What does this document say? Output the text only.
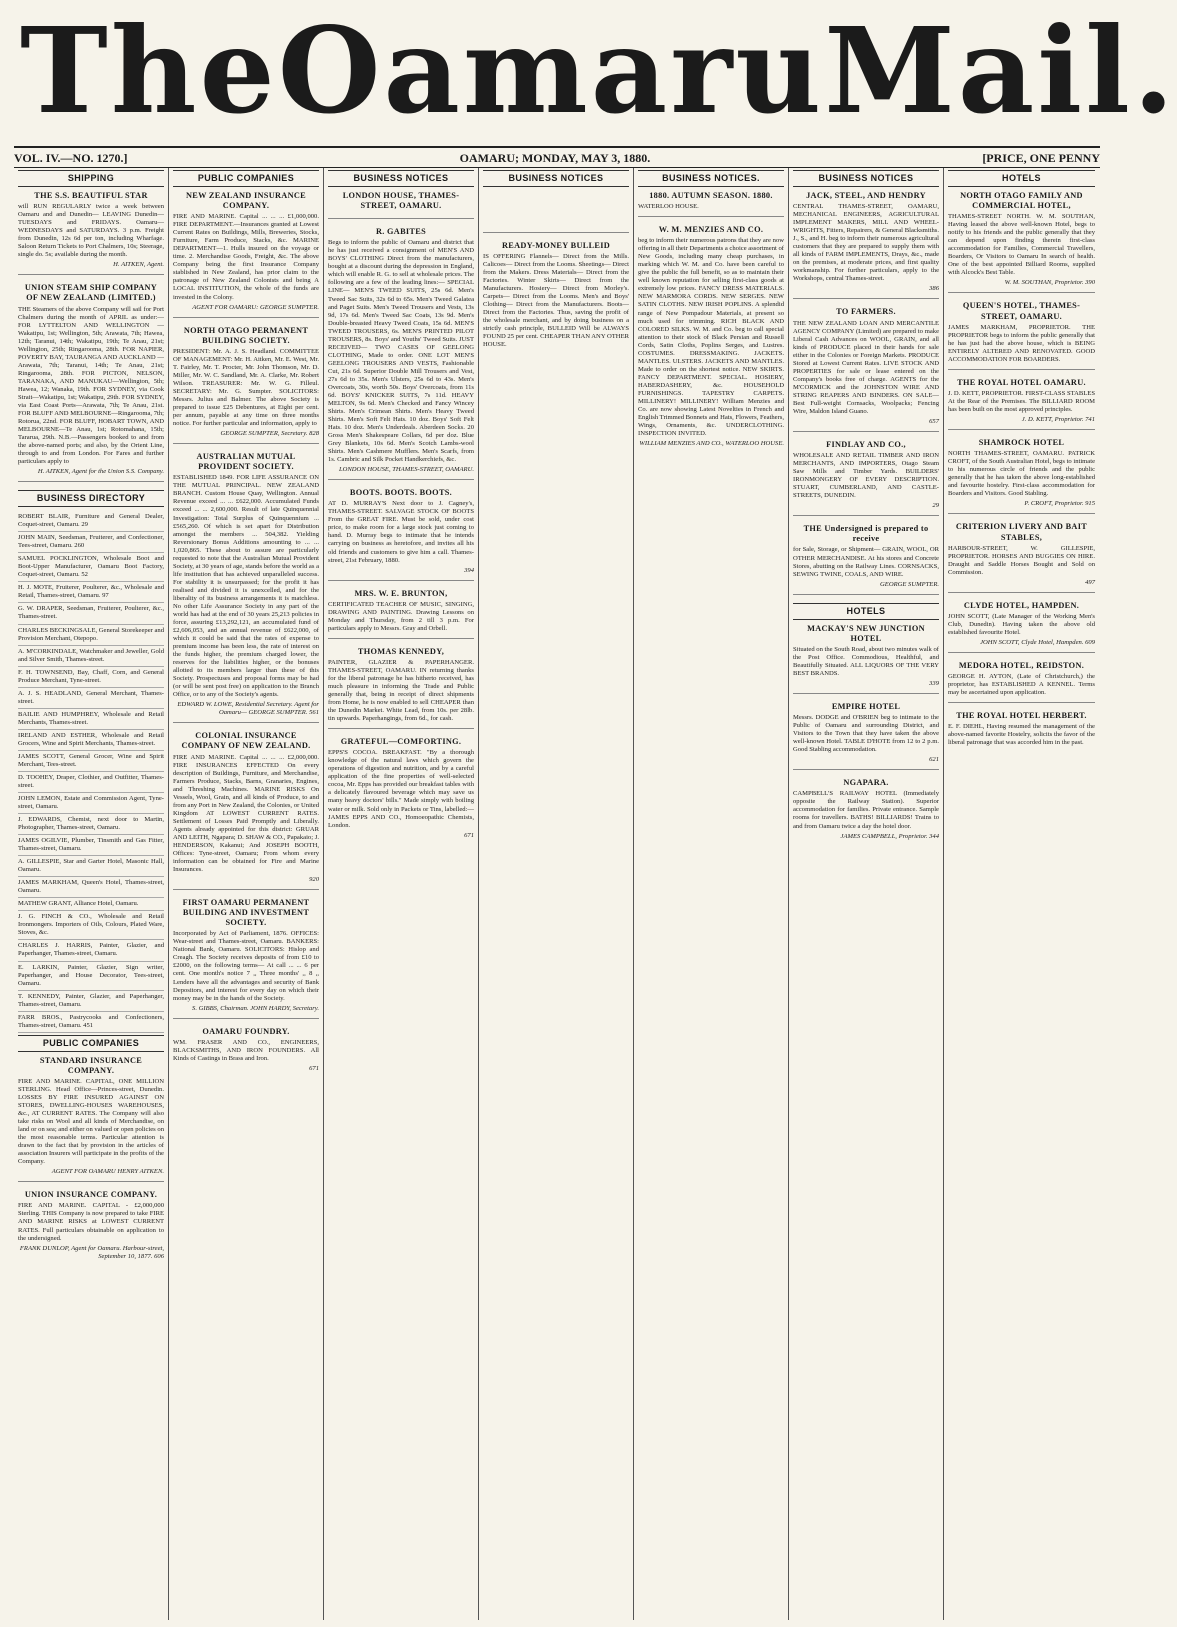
The Oamaru Mail.
VOL. IV.—NO. 1270.]	OAMARU; MONDAY, MAY 3, 1880.	[PRICE, ONE PENNY
SHIPPING
THE S.S. BEAUTIFUL STAR
will RUN REGULARLY twice a week between Oamaru and and Dunedin— LEAVING Dunedin— TUESDAYS and FRIDAYS. Oamaru— WEDNESDAYS and SATURDAYS. 3 p.m. Freight from Dunedin, 12s 6d per ton, including Wharfage. Saloon Return Tickets to Port Chalmers, 10s; Steerage, single do. 5s; available during the month.
H. AITKEN, Agent.
UNION STEAM SHIP COMPANY OF NEW ZEALAND (LIMITED.)
THE Steamers of the above Company will sail for Port Chalmers during the month of APRIL as under:— FOR LYTTELTON AND WELLINGTON —Wakatipu, 1st; Wellington, 5th; Arawata, 7th; Hawea, 12th; Taranui, 14th; Wakatipu, 19th; Te Anau, 21st; Wellington, 25th; Ringarooma, 28th. FOR NAPIER, POVERTY BAY, TAURANGA AND AUCKLAND —Arawata, 7th; Taranui, 14th; Te Anau, 21st; Ringarooma, 28th. FOR PICTON, NELSON, TARANAKA, AND MANUKAU—Wellington, 5th; Hawea, 12; Wanaka, 19th. FOR SYDNEY, via Cook Strait—Wakatipu, 1st; Wakatipu, 29th. FOR SYDNEY, via East Coast Ports—Arawata, 7th; Te Anau, 21st. FOR BLUFF AND MELBOURNE—Ringarooma, 7th; Rotorua, 22nd. FOR BLUFF, HOBART TOWN, AND MELBOURNE—Te Anau, 1st; Rotomahana, 15th; Tararua, 29th. N.B.—Passengers booked to and from the above-named ports; and also, by the Orient Line, through to and from London. For Fares and further particulars apply to
H. AITKEN, Agent for the Union S.S. Company.
BUSINESS DIRECTORY
ROBERT BLAIR, Furniture and General Dealer, Coquet-street, Oamaru. 29
JOHN MAIN, Seedsman, Fruiterer, and Confectioner, Tees-street, Oamaru. 260
SAMUEL POCKLINGTON, Wholesale Boot and Boot-Upper Manufacturer, Oamaru Boot Factory, Coquet-street, Oamaru. 52
H. J. MOTE, Fruiterer, Poulterer, &c., Wholesale and Retail, Thames-street, Oamaru. 97
G. W. DRAPER, Seedsman, Fruiterer, Poulterer, &c., Thames-street.
CHARLES BECKINGSALE, General Storekeeper and Provision Merchant, Otepopo.
A. M'CORKINDALE, Watchmaker and Jeweller, Gold and Silver Smith, Thames-street.
F. H. TOWNSEND, Bay, Chaff, Corn, and General Produce Merchant, Tyne-street.
A. J. S. HEADLAND, General Merchant, Thames-street.
BAILIE AND HUMPHREY, Wholesale and Retail Merchants, Thames-street.
IRELAND AND ESTHER, Wholesale and Retail Grocers, Wine and Spirit Merchants, Thames-street.
JAMES SCOTT, General Grocer, Wine and Spirit Merchant, Tees-street.
D. TOOHEY, Draper, Clothier, and Outfitter, Thames-street.
JOHN LEMON, Estate and Commission Agent, Tyne-street, Oamaru.
J. EDWARDS, Chemist, next door to Martin, Photographer, Thames-street, Oamaru.
JAMES OGILVIE, Plumber, Tinsmith and Gas Fitter, Thames-street, Oamaru.
A. GILLESPIE, Star and Garter Hotel, Masonic Hall, Oamaru.
JAMES MARKHAM, Queen's Hotel, Thames-street, Oamaru.
MATHEW GRANT, Alliance Hotel, Oamaru.
J. G. FINCH & CO., Wholesale and Retail Ironmongers. Importers of Oils, Colours, Plated Ware, Stoves, &c.
CHARLES J. HARRIS, Painter, Glazier, and Paperhanger, Thames-street, Oamaru.
E. LARKIN, Painter, Glazier, Sign writer, Paperhanger, and House Decorator, Tees-street, Oamaru.
T. KENNEDY, Painter, Glazier, and Paperhanger, Thames-street, Oamaru.
FARR BROS., Pastrycooks and Confectioners, Thames-street, Oamaru. 451
PUBLIC COMPANIES
STANDARD INSURANCE COMPANY.
FIRE AND MARINE. CAPITAL, ONE MILLION STERLING. Head Office—Princes-street, Dunedin. LOSSES BY FIRE INSURED AGAINST ON STORES, DWELLING-HOUSES WAREHOUSES, &c., AT CURRENT RATES. The Company will also take risks on Wool and all kinds of Merchandise, on land or on sea; and either on valued or open policies on the most reasonable terms. Particular attention is drawn to the fact that by provision in the articles of association Insurers will participate in the profits of the Company.
AGENT FOR OAMARU HENRY AITKEN.
UNION INSURANCE COMPANY.
FIRE AND MARINE. CAPITAL - £2,000,000 Sterling. THIS Company is now prepared to take FIRE AND MARINE RISKS at LOWEST CURRENT RATES. Full particulars obtainable on application to the undersigned.
FRANK DUNLOP, Agent for Oamaru. Harbour-street, September 10, 1877. 606
PUBLIC COMPANIES
NEW ZEALAND INSURANCE COMPANY.
FIRE AND MARINE. Capital ... ... ... £1,000,000. FIRE DEPARTMENT.—Insurances granted at Lowest Current Rates on Buildings, Mills, Breweries, Stocks, Furniture, Farm Produce, Stacks, &c. MARINE DEPARTMENT—1. Hulls insured on the voyage or time. 2. Merchandise Goods, Freight, &c. The above Company being the first Insurance Company stablished in New Zealand, has prior claim to the patronage of New Zealand Colonists and being A LOCAL INSTITUTION, the whole of the funds are invested in the Colony.
AGENT FOR OAMARU: GEORGE SUMPTER.
NORTH OTAGO PERMANENT BUILDING SOCIETY.
PRESIDENT: Mr. A. J. S. Headland. COMMITTEE OF MANAGEMENT: Mr. H. Aitken, Mr. E. West, Mr. T. Fairley, Mr. T. Procter, Mr. John Thomson, Mr. D. Miller, Mr. W. C. Sandland, Mr. A. Clarke, Mr. Robert Wilson. TREASURER: Mr. W. G. Filleul. SECRETARY: Mr. G. Sumpter. SOLICITORS: Messrs. Julius and Balmer. The above Society is prepared to issue £25 Debentures, at Eight per cent. per annum, payable at any time on three months notice. For further particular and information, apply to
GEORGE SUMPTER, Secretary. 828
AUSTRALIAN MUTUAL PROVIDENT SOCIETY.
ESTABLISHED 1849. FOR LIFE ASSURANCE ON THE MUTUAL PRINCIPAL. NEW ZEALAND BRANCH. Custom House Quay, Wellington. Annual Revenue exceed ... ... £622,000. Accumulated Funds exceed ... ... 2,600,000. Result of late Quinquennial Investigation: Total Surplus of Quinquennium ... £565,260. Of which is set apart for Distribution amongst the members ... 504,382. Yielding Reversionary Bonus Additions amounting to ... ... 1,020,865. These about to assure are particularly requested to note that the Australian Mutual Provident Society, at 30 years of age, stands before the world as a life institution that has achieved unparalleled success. For stability it is unsurpassed; for the profit it has realised and divided it is unexcelled, and for the liberality of its business arrangements it is matchless. No other Life Assurance Society in any part of the world has had at the end of 30 years 25,213 policies in force, assuring £13,292,121, an accumulated fund of £2,606,053, and an annual revenue of £622,000, of which it could be said that the rates of expense to premium income has been less, the rate of interest on the funds higher, the premium charged lower, the reserves for the liabilities higher, or the bonuses allotted to its members larger than these of this Society. Prospectuses and proposal forms may be had (or will be sent post free) on application to the Branch Office, or to any of the Society's agents.
EDWARD W. LOWE, Residential Secretary. Agent for Oamaru— GEORGE SUMPTER. 561
COLONIAL INSURANCE COMPANY OF NEW ZEALAND.
FIRE AND MARINE. Capital ... ... ... £2,000,000. FIRE INSURANCES EFFECTED On every description of Buildings, Furniture, and Merchandise, Farmers Produce, Stacks, Barns, Granaries, Engines, and Threshing Machines. MARINE RISKS On Vessels, Wool, Grain, and all kinds of Produce, to and from any Port in New Zealand, the Colonies, or United Kingdom AT LOWEST CURRENT RATES. Settlement of Losses Paid Promptly and Liberally. Agents already appointed for this district: GRUAR AND LEITH, Ngapara; D. SHAW & CO., Papakaio; J. HENDERSON, Kakanui; And JOSEPH BOOTH, Offices: Tyne-street, Oamaru; From whom every information can be obtained for Fire and Marine Insurances.
920
FIRST OAMARU PERMANENT BUILDING AND INVESTMENT SOCIETY.
Incorporated by Act of Parliament, 1876. OFFICES: Wear-street and Thames-street, Oamaru. BANKERS: National Bank, Oamaru. SOLICITORS: Hislop and Creagh. The Society receives deposits of from £10 to £2000, on the following terms— At call ... ... 6 per cent. One month's notice 7 ,, Three months' ,, 8 ,, Lenders have all the advantages and security of Bank Depositors, and interest for every day on which their money may be in the hands of the Society.
S. GIBBS, Chairman. JOHN HARDY, Secretary.
OAMARU FOUNDRY.
WM. FRASER AND CO., ENGINEERS, BLACKSMITHS, AND IRON FOUNDERS. All Kinds of Castings in Brass and Iron.
671
BUSINESS NOTICES
LONDON HOUSE, THAMES-STREET, OAMARU.
R. GABITES
Begs to inform the public of Oamaru and district that he has just received a consignment of MEN'S AND BOYS' CLOTHING Direct from the manufacturers, bought at a discount during the depression in England, which will enable R. G. to sell at wholesale prices. The following are a few of the leading lines:— SPECIAL LINE— MEN'S TWEED SUITS, 25s 6d. Men's Tweed Sac Suits, 32s 6d to 65s. Men's Tweed Galatea and Paget Suits. Men's Tweed Trousers and Vests, 13s 9d, 17s 6d. Men's Tweed Sac Coats, 13s 9d. Men's Double-breasted Heavy Tweed Coats, 15s 6d. MEN'S TWEED TROUSERS, 6s. MEN'S PRINTED PILOT TROUSERS, 8s. Boys' and Youths' Tweed Suits. JUST RECEIVED— TWO CASES OF GEELONG CLOTHING, Made to order. ONE LOT MEN'S GEELONG TROUSERS AND VESTS, Fashionable Cut, 21s 6d. Superior Double Mill Trousers and Vest, 27s 6d to 35s. Men's Ulsters, 25s 6d to 43s. Men's Overcoats, 30s, worth 50s. Boys' Overcoats, from 11s 6d. BOYS' KNICKER SUITS, 7s 11d. HEAVY MELTON, 9s 6d. Men's Checked and Fancy Wincey Shirts. Men's Crimean Shirts. Men's Heavy Tweed Shirts. Men's Soft Felt Hats. 10 doz. Boys' Soft Felt Hats. 10 doz. Men's Underdeals. Aberdeen Socks. 20 Gross Men's Shakespeare Collars, 6d per doz. Blue Grey Blankets, 10s 6d. Men's Scotch Lambs-wool Shirts. Men's Cashmere Mufflers. Men's Scarfs, from 1s. Cambric and Silk Pocket Handkerchiefs, &c.
LONDON HOUSE, THAMES-STREET, OAMARU.
BOOTS. BOOTS. BOOTS.
AT D. MURRAY'S Next door to J. Cagney's, THAMES-STREET. SALVAGE STOCK OF BOOTS From the GREAT FIRE. Must be sold, under cost price, to make room for a large stock just coming to hand. D. Murray begs to intimate that he intends carrying on business as heretofore, and invites all his old friends and customers to give him a call. Thames-street, 21st February, 1880.
394
MRS. W. E. BRUNTON,
CERTIFICATED TEACHER OF MUSIC, SINGING, DRAWING AND PAINTING. Drawing Lessons on Monday and Thursday, from 2 till 3 p.m. For particulars apply to Messrs. Gray and Orbell.
THOMAS KENNEDY,
PAINTER, GLAZIER & PAPERHANGER. THAMES-STREET, OAMARU. IN returning thanks for the liberal patronage he has hitherto received, has much pleasure in informing the Trade and Public generally that, being in receipt of direct shipments from Home, he is now enabled to sell CHEAPER than the Dunedin Market. White Lead, from 10s. per 28lb. tin upwards. Paperhangings, from 6d., for cash.
GRATEFUL—COMFORTING.
EPPS'S COCOA. BREAKFAST. "By a thorough knowledge of the natural laws which govern the operations of digestion and nutrition, and by a careful application of the fine properties of well-selected cocoa, Mr. Epps has provided our breakfast tables with a delicately flavoured beverage which may save us many heavy doctors' bills." Made simply with boiling water or milk. Sold only in Packets or Tins, labelled:— JAMES EPPS AND CO., Homoeopathic Chemists, London.
671
BUSINESS NOTICES
READY-MONEY BULLEID
IS OFFERING Flannels— Direct from the Mills. Calicoes— Direct from the Looms. Sheetings— Direct from the Makers. Dress Materials— Direct from the Factories. Winter Skirts— Direct from the Manufacturers. Hosiery— Direct from Morley's. Carpets— Direct from the Looms. Men's and Boys' Clothing— Direct from the Manufacturers. Boots— Direct from the Factories. Thus, saving the profit of the wholesale merchant, and by doing business on a strictly cash principle, BULLEID Will be ALWAYS FOUND 25 per cent. CHEAPER THAN ANY OTHER HOUSE.
BUSINESS NOTICES.
1880. AUTUMN SEASON. 1880.
WATERLOO HOUSE.
W. M. MENZIES AND CO.
beg to inform their numerous patrons that they are now offering in all their Departments a choice assortment of New Goods, including many cheap purchases, in marking which W. M. and Co. have been careful to give the public the full benefit, so as to maintain their well known reputation for selling first-class goods at extremely low prices. FANCY DRESS MATERIALS. NEW MARMORA CORDS. NEW SERGES. NEW SATIN CLOTHS. NEW IRISH POPLINS. A splendid range of New Pompadour Materials, at present so much used for trimming. RICH BLACK AND COLORED SILKS. W. M. and Co. beg to call special attention to their stock of Black Persian and Russell Cords, Satin Cloths, Poplins Serges, and Lustres. COSTUMES. DRESSMAKING. JACKETS. MANTLES. ULSTERS. JACKETS AND MANTLES. Made to order on the shortest notice. NEW SKIRTS. FANCY DEPARTMENT. SPECIAL. HOSIERY, HABERDASHERY, &c. HOUSEHOLD FURNISHINGS. TAPESTRY CARPETS. MILLINERY! MILLINERY! William Menzies and Co. are now showing Latest Novelties in French and English Trimmed Bonnets and Hats, Flowers, Feathers, Wings, Ornaments, &c. UNDERCLOTHING. INSPECTION INVITED.
WILLIAM MENZIES AND CO., WATERLOO HOUSE.
BUSINESS NOTICES
JACK, STEEL, AND HENDRY
CENTRAL THAMES-STREET, OAMARU, MECHANICAL ENGINEERS, AGRICULTURAL IMPLEMENT MAKERS, MILL AND WHEEL-WRIGHTS, Fitters, Repairers, & General Blacksmiths. J., S., and H. beg to inform their numerous agricultural customers that they are prepared to supply them with all kinds of FARM IMPLEMENTS, Drays, &c., made on the premises, at moderate prices, and first quality workmanship. For further particulars, apply to the Workshops, central Thames-street.
386
TO FARMERS.
THE NEW ZEALAND LOAN AND MERCANTILE AGENCY COMPANY (Limited) are prepared to make Liberal Cash Advances on WOOL, GRAIN, and all kinds of PRODUCE placed in their hands for sale either in the Colonies or Foreign Markets. PRODUCE Stored at Lowest Current Rates. LIVE STOCK AND PROPERTIES for sale or lease entered on the Company's books free of charge. AGENTS for the M'CORMICK and the JOHNSTON WIRE AND STRING REAPERS AND BINDERS. ON SALE—Best Full-weight Cornsacks, Woolpacks; Fencing Wire, Maldon Island Guano.
657
FINDLAY AND CO.,
WHOLESALE AND RETAIL TIMBER AND IRON MERCHANTS, AND IMPORTERS, Otago Steam Saw Mills and Timber Yards. BUILDERS' IRONMONGERY OF EVERY DESCRIPTION. STUART, CUMBERLAND, AND CASTLE-STREETS, DUNEDIN.
29
THE Undersigned is prepared to receive
for Sale, Storage, or Shipment— GRAIN, WOOL, OR OTHER MERCHANDISE. At his stores and Concrete Stores, abutting on the Railway Lines. CORNSACKS, SEWING TWINE, COALS, AND WIRE.
GEORGE SUMPTER.
HOTELS
MACKAY'S NEW JUNCTION HOTEL
Situated on the South Road, about two minutes walk of the Post Office. Commodious, Healthful, and Beautifully Situated. ALL LIQUORS OF THE VERY BEST BRANDS.
339
EMPIRE HOTEL
Messrs. DODGE and O'BRIEN beg to intimate to the Public of Oamaru and surrounding District, and Visitors to the Town that they have taken the above well-known Hotel. TABLE D'HOTE from 12 to 2 p.m. Good Stabling accommodation.
621
NGAPARA.
CAMPBELL'S RAILWAY HOTEL (Immediately opposite the Railway Station). Superior accommodation for families. Private entrance. Sample rooms for travellers. BATHS! BILLIARDS! Trains to and from Oamaru twice a day the hotel door.
JAMES CAMPBELL, Proprietor. 344
HOTELS
NORTH OTAGO FAMILY AND COMMERCIAL HOTEL,
THAMES-STREET NORTH. W. M. SOUTHAN, Having leased the above well-known Hotel, begs to notify to his friends and the public generally that they can depend upon finding therein first-class accommodation for Families, Commercial Travellers, Boarders, Or Visitors to Oamaru In search of health. One of the best appointed Billiard Rooms, supplied with Alcock's Best Table.
W. M. SOUTHAN, Proprietor. 390
QUEEN'S HOTEL, THAMES-STREET, OAMARU.
JAMES MARKHAM, PROPRIETOR. THE PROPRIETOR begs to inform the public generally that he has just had the above house, which is BEING ENTIRELY ALTERED AND RENOVATED. GOOD ACCOMMODATION FOR BOARDERS.
THE ROYAL HOTEL OAMARU.
J. D. KETT, PROPRIETOR. FIRST-CLASS STABLES At the Rear of the Premises. The BILLIARD ROOM has been built on the most approved principles.
J. D. KETT, Proprietor. 741
SHAMROCK HOTEL
NORTH THAMES-STREET, OAMARU. PATRICK CROFT, of the South Australian Hotel, begs to intimate to his numerous circle of friends and the public generally that he has taken the above long-established and favourite hostelry. First-class accommodation for Boarders and Visitors. Good Stabling.
P. CROFT, Proprietor. 915
CRITERION LIVERY AND BAIT STABLES,
HARBOUR-STREET, W. GILLESPIE, PROPRIETOR. HORSES AND BUGGIES ON HIRE. Draught and Saddle Horses Bought and Sold on Commission.
497
CLYDE HOTEL, HAMPDEN.
JOHN SCOTT, (Late Manager of the Working Men's Club, Dunedin). Having taken the above old established favourite Hotel.
JOHN SCOTT, Clyde Hotel, Hampden. 609
MEDORA HOTEL, REIDSTON.
GEORGE H. AYTON, (Late of Christchurch,) the proprietor, has ESTABLISHED A KENNEL. Terms may be ascertained upon application.
THE ROYAL HOTEL HERBERT.
E. F. DIEHL, Having resumed the management of the above-named favorite Hostelry, solicits the favor of the liberal patronage that was accorded him in the past.
